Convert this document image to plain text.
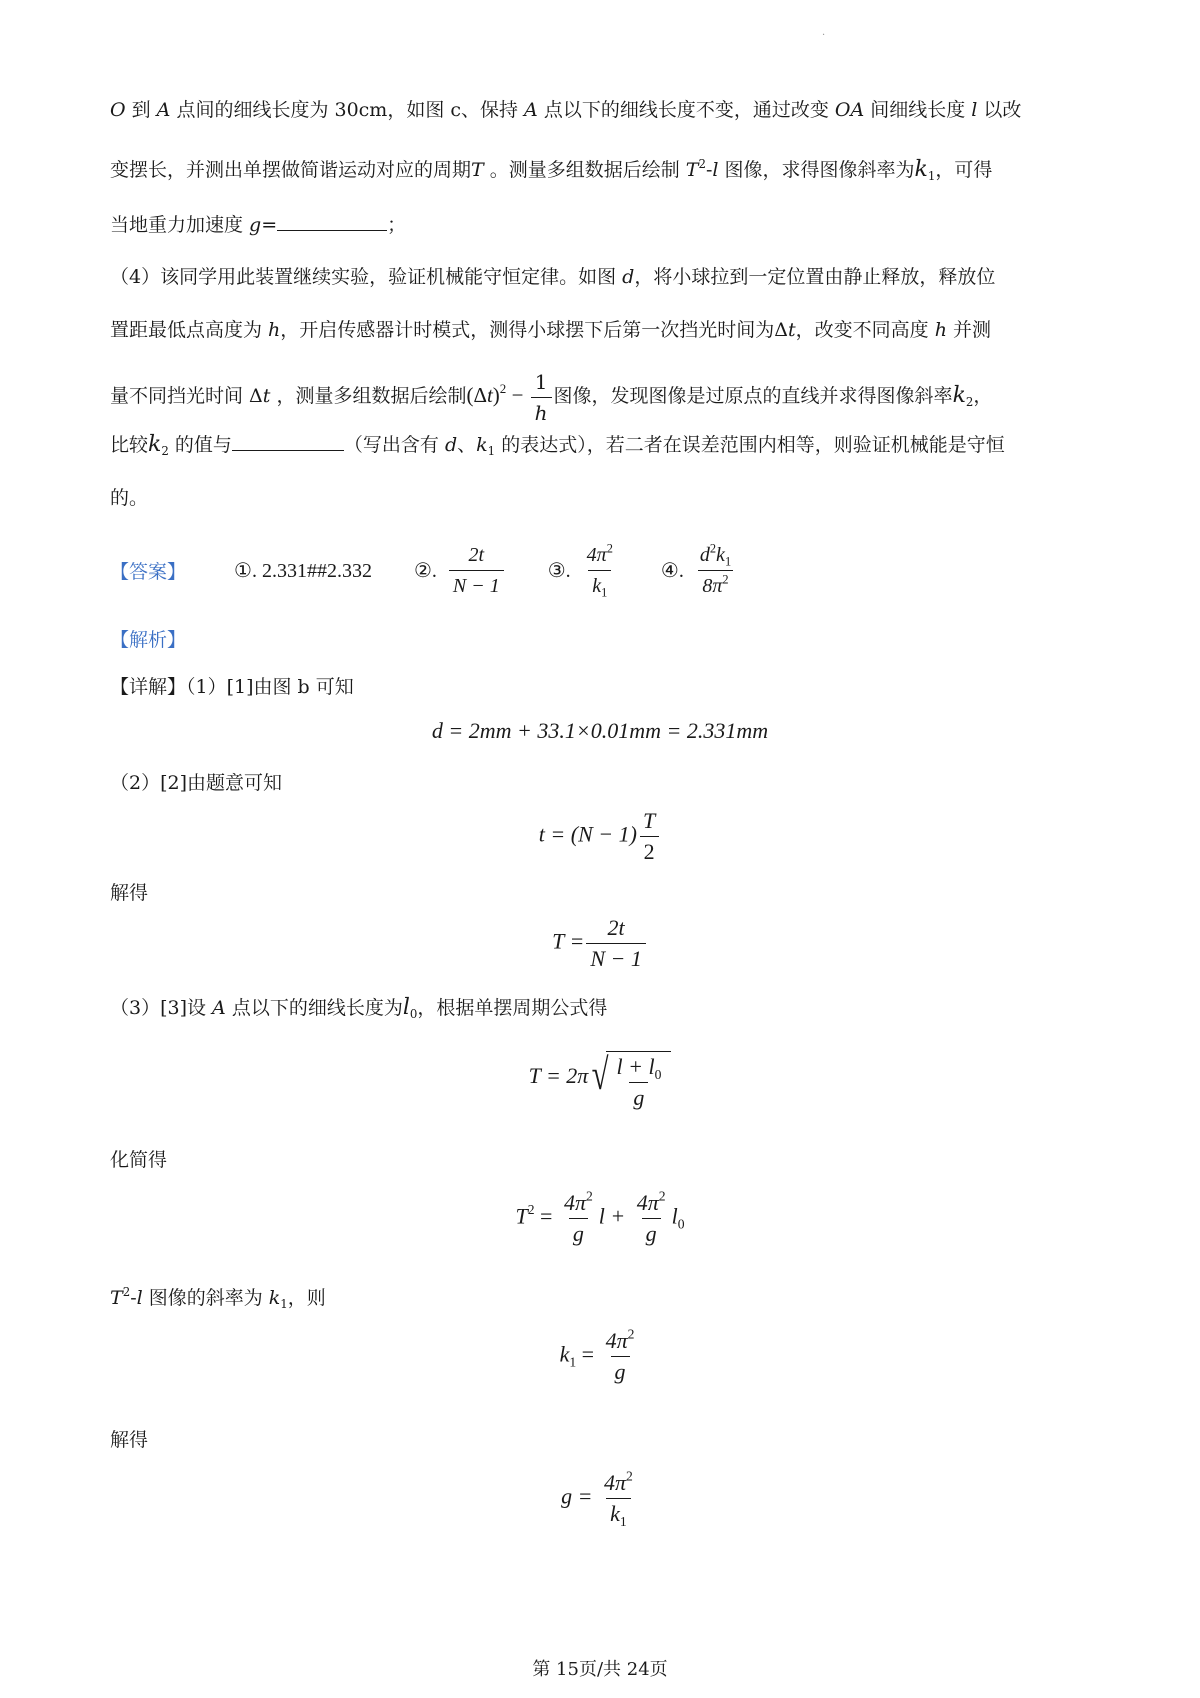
·
O 到 A 点间的细线长度为 30cm，如图 c、保持 A 点以下的细线长度不变，通过改变 OA 间细线长度 l 以改
变摆长，并测出单摆做简谐运动对应的周期T 。测量多组数据后绘制 $T^2-l$ 图像，求得图像斜率为$k_1$，可得
当地重力加速度 g=	；
（4）该同学用此装置继续实验，验证机械能守恒定律。如图 d，将小球拉到一定位置由静止释放，释放位
置距最低点高度为 h，开启传感器计时模式，测得小球摆下后第一次挡光时间为Δt，改变不同高度 h 并测
量不同挡光时间 Δt ，测量多组数据后绘制$(\Delta t)^2 - \frac{1}{h}$ 图像，发现图像是过原点的直线并求得图像斜率$k_2$，
比较$k_2$ 的值与	（写出含有 d、$k_1$ 的表达式），若二者在误差范围内相等，则验证机械能是守恒
的。
【答案】 ①. 2.331##2.332 ②.
$\frac{2t}{N - 1}$ ③.
$\frac{4\pi^2}{k_1}$ ④.
$\frac{d^2k_1}{8\pi^2}$
【解析】
【详解】（1）[1]由图 b 可知
d = 2mm + 33.1×0.01mm = 2.331mm
（2）[2]由题意可知
$t = (N - 1) \frac{T}{2}$
解得
$T = \frac{2t}{N - 1}$
（3）[3]设 A 点以下的细线长度为$l_0$，根据单摆周期公式得
T = 2π √ $\frac{l + l_0}{g}$
化简得
$T^2 = \frac{4\pi^2}{g}$ $l + \frac{4\pi^2}{g} l_0$
$T^2-l$ 图像的斜率为 $k_1$，则
$k_1 = \frac{4\pi^2}{g}$
解得
$g = \frac{4\pi^2}{k_1}$
第 15页/共 24页
